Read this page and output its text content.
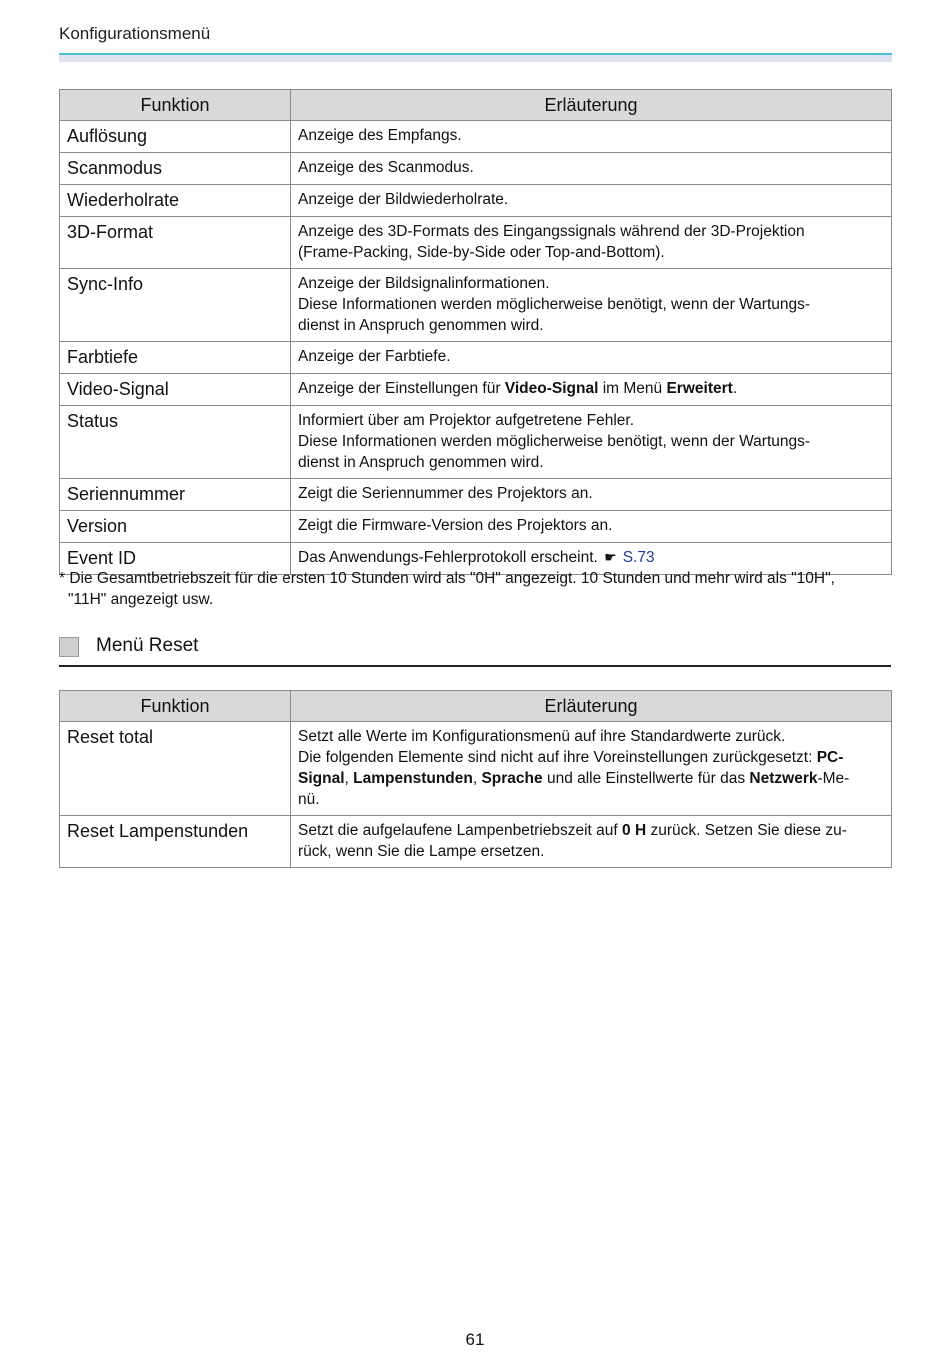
Konfigurationsmenü
Funktion	Erläuterung
Auflösung	Anzeige des Empfangs.
Scanmodus	Anzeige des Scanmodus.
Wiederholrate	Anzeige der Bildwiederholrate.
3D-Format	Anzeige des 3D-Formats des Eingangssignals während der 3D-Projektion
(Frame-Packing, Side-by-Side oder Top-and-Bottom).
Sync-Info	Anzeige der Bildsignalinformationen.
Diese Informationen werden möglicherweise benötigt, wenn der Wartungs-
dienst in Anspruch genommen wird.
Farbtiefe	Anzeige der Farbtiefe.
Video-Signal	Anzeige der Einstellungen für Video-Signal im Menü Erweitert.
Status	Informiert über am Projektor aufgetretene Fehler.
Diese Informationen werden möglicherweise benötigt, wenn der Wartungs-
dienst in Anspruch genommen wird.
Seriennummer	Zeigt die Seriennummer des Projektors an.
Version	Zeigt die Firmware-Version des Projektors an.
Event ID	Das Anwendungs-Fehlerprotokoll erscheint. ☛ S.73
* Die Gesamtbetriebszeit für die ersten 10 Stunden wird als "0H" angezeigt. 10 Stunden und mehr wird als "10H",
"11H" angezeigt usw.
Menü Reset
Funktion	Erläuterung
Reset total	Setzt alle Werte im Konfigurationsmenü auf ihre Standardwerte zurück.
Die folgenden Elemente sind nicht auf ihre Voreinstellungen zurückgesetzt: PC-
Signal, Lampenstunden, Sprache und alle Einstellwerte für das Netzwerk-Me-
nü.
Reset Lampenstunden	Setzt die aufgelaufene Lampenbetriebszeit auf 0 H zurück. Setzen Sie diese zu-
rück, wenn Sie die Lampe ersetzen.
61
